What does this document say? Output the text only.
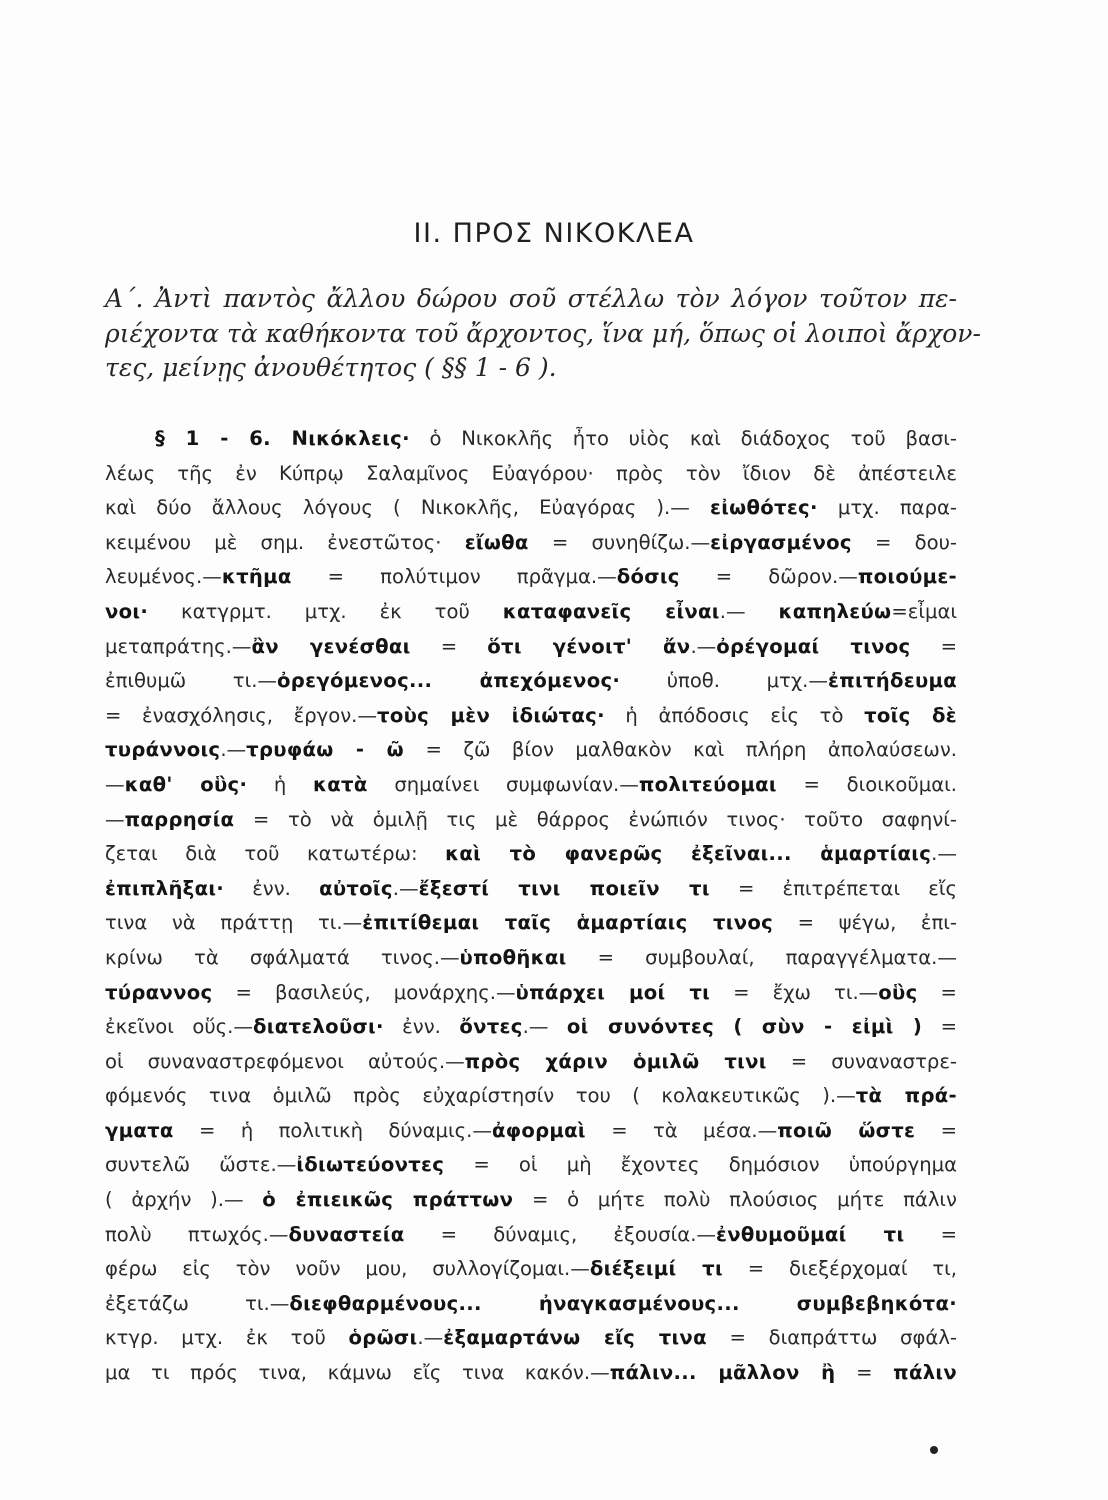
II. ΠΡΟΣ ΝΙΚΟΚΛΕΑ
Α΄. Ἀντὶ παντὸς ἄλλου δώρου σοῦ στέλλω τὸν λόγον τοῦτον πε-
ριέχοντα τὰ καθήκοντα τοῦ ἄρχοντος, ἵνα μή, ὅπως οἱ λοιποὶ ἄρχον-
τες, μείνῃς ἀνουθέτητος ( §§ 1 - 6 ).
§ 1 - 6. Νικόκλεις· ὁ Νικοκλῆς ἦτο υἱὸς καὶ διάδοχος τοῦ βασι-
λέως τῆς ἐν Κύπρῳ Σαλαμῖνος Εὐαγόρου· πρὸς τὸν ἴδιον δὲ ἀπέστειλε
καὶ δύο ἄλλους λόγους ( Νικοκλῆς, Εὐαγόρας ).— εἰωθότες· μτχ. παρα-
κειμένου μὲ σημ. ἐνεστῶτος· εἴωθα = συνηθίζω.—εἰργασμένος = δου-
λευμένος.—κτῆμα = πολύτιμον πρᾶγμα.—δόσις = δῶρον.—ποιούμε-
νοι· κατγρμτ. μτχ. ἐκ τοῦ καταφανεῖς εἶναι.— καπηλεύω=εἶμαι
μεταπράτης.—ἂν γενέσθαι = ὅτι γένοιτ' ἄν.—ὀρέγομαί τινος =
ἐπιθυμῶ τι.—ὀρεγόμενος... ἀπεχόμενος· ὑποθ. μτχ.—ἐπιτήδευμα
= ἐνασχόλησις, ἔργον.—τοὺς μὲν ἰδιώτας· ἡ ἀπόδοσις εἰς τὸ τοῖς δὲ
τυράννοις.—τρυφάω - ῶ = ζῶ βίον μαλθακὸν καὶ πλήρη ἀπολαύσεων.
—καθ' οὓς· ἡ κατὰ σημαίνει συμφωνίαν.—πολιτεύομαι = διοικοῦμαι.
—παρρησία = τὸ νὰ ὁμιλῇ τις μὲ θάρρος ἐνώπιόν τινος· τοῦτο σαφηνί-
ζεται διὰ τοῦ κατωτέρω: καὶ τὸ φανερῶς ἐξεῖναι... ἁμαρτίαις.—
ἐπιπλῆξαι· ἐνν. αὐτοῖς.—ἔξεστί τινι ποιεῖν τι = ἐπιτρέπεται εἴς
τινα νὰ πράττῃ τι.—ἐπιτίθεμαι ταῖς ἁμαρτίαις τινος = ψέγω, ἐπι-
κρίνω τὰ σφάλματά τινος.—ὑποθῆκαι = συμβουλαί, παραγγέλματα.—
τύραννος = βασιλεύς, μονάρχης.—ὑπάρχει μοί τι = ἔχω τι.—οὓς =
ἐκεῖνοι οὕς.—διατελοῦσι· ἐνν. ὄντες.— οἱ συνόντες ( σὺν - εἰμὶ ) =
οἱ συναναστρεφόμενοι αὐτούς.—πρὸς χάριν ὁμιλῶ τινι = συναναστρε-
φόμενός τινα ὁμιλῶ πρὸς εὐχαρίστησίν του ( κολακευτικῶς ).—τὰ πρά-
γματα = ἡ πολιτικὴ δύναμις.—ἀφορμαὶ = τὰ μέσα.—ποιῶ ὥστε =
συντελῶ ὥστε.—ἰδιωτεύοντες = οἱ μὴ ἔχοντες δημόσιον ὑπούργημα
( ἀρχήν ).— ὁ ἐπιεικῶς πράττων = ὁ μήτε πολὺ πλούσιος μήτε πάλιν
πολὺ πτωχός.—δυναστεία = δύναμις, ἐξουσία.—ἐνθυμοῦμαί τι =
φέρω εἰς τὸν νοῦν μου, συλλογίζομαι.—διέξειμί τι = διεξέρχομαί τι,
ἐξετάζω τι.—διεφθαρμένους... ἠναγκασμένους... συμβεβηκότα·
κτγρ. μτχ. ἐκ τοῦ ὁρῶσι.—ἐξαμαρτάνω εἴς τινα = διαπράττω σφάλ-
μα τι πρός τινα, κάμνω εἴς τινα κακόν.—πάλιν... μᾶλλον ἢ = πάλιν
